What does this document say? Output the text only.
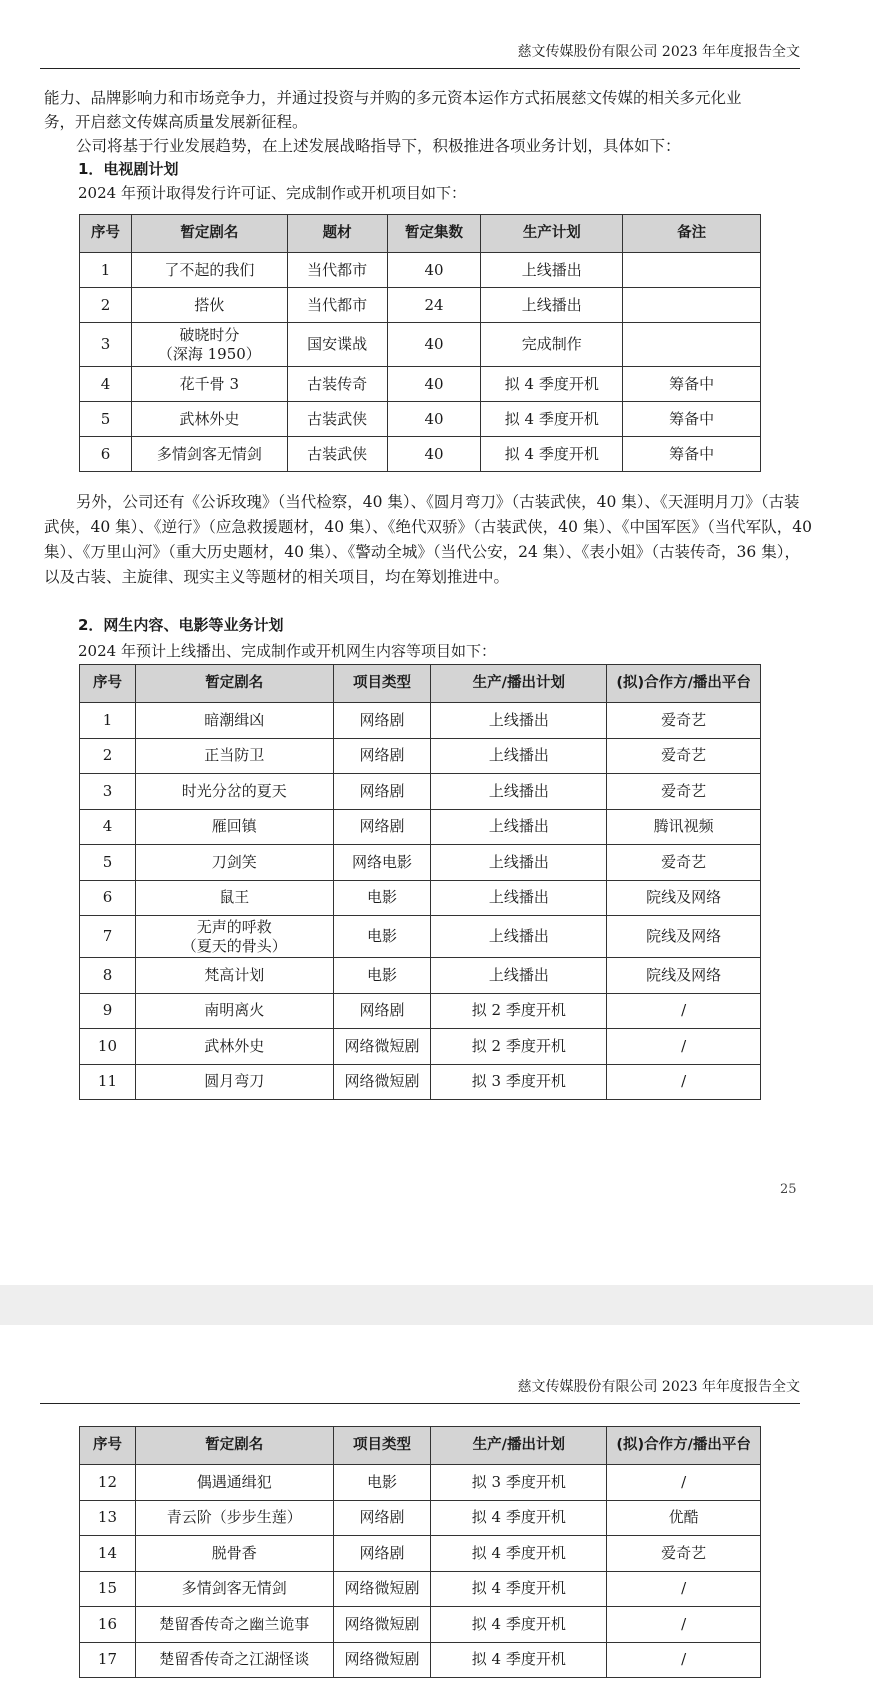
慈文传媒股份有限公司 2023 年年度报告全文

能力、品牌影响力和市场竞争力，并通过投资与并购的多元资本运作方式拓展慈文传媒的相关多元化业

务，开启慈文传媒高质量发展新征程。

公司将基于行业发展趋势，在上述发展战略指导下，积极推进各项业务计划，具体如下：

1．电视剧计划
2024 年预计取得发行许可证、完成制作或开机项目如下：
序号	暂定剧名	题材	暂定集数	生产计划	备注
1	了不起的我们	当代都市	40	上线播出	
2	搭伙	当代都市	24	上线播出	
3	破晓时分
（深海 1950）	国安谍战	40	完成制作	
4	花千骨 3	古装传奇	40	拟 4 季度开机	筹备中
5	武林外史	古装武侠	40	拟 4 季度开机	筹备中
6	多情剑客无情剑	古装武侠	40	拟 4 季度开机	筹备中

另外，公司还有《公诉玫瑰》（当代检察，40 集）、《圆月弯刀》（古装武侠，40 集）、《天涯明月刀》（古装武侠，40 集）、《逆行》（应急救援题材，40 集）、《绝代双骄》（古装武侠，40 集）、《中国军医》（当代军队，40 集）、《万里山河》（重大历史题材，40 集）、《警动全城》（当代公安，24 集）、《表小姐》（古装传奇，36 集），以及古装、主旋律、现实主义等题材的相关项目，均在筹划推进中。

2．网生内容、电影等业务计划
2024 年预计上线播出、完成制作或开机网生内容等项目如下：
序号	暂定剧名	项目类型	生产/播出计划	(拟)合作方/播出平台
1	暗潮缉凶	网络剧	上线播出	爱奇艺
2	正当防卫	网络剧	上线播出	爱奇艺
3	时光分岔的夏天	网络剧	上线播出	爱奇艺
4	雁回镇	网络剧	上线播出	腾讯视频
5	刀剑笑	网络电影	上线播出	爱奇艺
6	鼠王	电影	上线播出	院线及网络
7	无声的呼救
（夏天的骨头）	电影	上线播出	院线及网络
8	梵高计划	电影	上线播出	院线及网络
9	南明离火	网络剧	拟 2 季度开机	/
10	武林外史	网络微短剧	拟 2 季度开机	/
11	圆月弯刀	网络微短剧	拟 3 季度开机	/
25
慈文传媒股份有限公司 2023 年年度报告全文
序号	暂定剧名	项目类型	生产/播出计划	(拟)合作方/播出平台
12	偶遇通缉犯	电影	拟 3 季度开机	/
13	青云阶（步步生莲）	网络剧	拟 4 季度开机	优酷
14	脱骨香	网络剧	拟 4 季度开机	爱奇艺
15	多情剑客无情剑	网络微短剧	拟 4 季度开机	/
16	楚留香传奇之幽兰诡事	网络微短剧	拟 4 季度开机	/
17	楚留香传奇之江湖怪谈	网络微短剧	拟 4 季度开机	/
